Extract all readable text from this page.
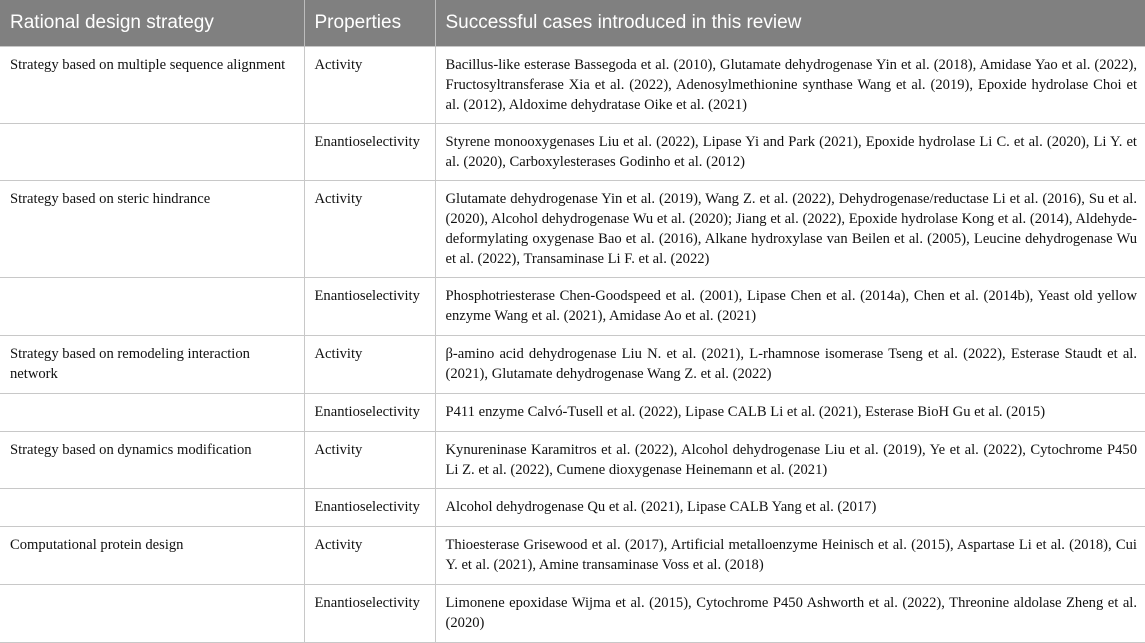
Rational design strategy	Properties	Successful cases introduced in this review
Strategy based on multiple sequence alignment	Activity	Bacillus-like esterase Bassegoda et al. (2010), Glutamate dehydrogenase Yin et al. (2018), Amidase Yao et al. (2022), Fructosyltransferase Xia et al. (2022), Adenosylmethionine synthase Wang et al. (2019), Epoxide hydrolase Choi et al. (2012), Aldoxime dehydratase Oike et al. (2021)
	Enantioselectivity	Styrene monooxygenases Liu et al. (2022), Lipase Yi and Park (2021), Epoxide hydrolase Li C. et al. (2020), Li Y. et al. (2020), Carboxylesterases Godinho et al. (2012)
Strategy based on steric hindrance	Activity	Glutamate dehydrogenase Yin et al. (2019), Wang Z. et al. (2022), Dehydrogenase/reductase Li et al. (2016), Su et al. (2020), Alcohol dehydrogenase Wu et al. (2020); Jiang et al. (2022), Epoxide hydrolase Kong et al. (2014), Aldehyde-deformylating oxygenase Bao et al. (2016), Alkane hydroxylase van Beilen et al. (2005), Leucine dehydrogenase Wu et al. (2022), Transaminase Li F. et al. (2022)
	Enantioselectivity	Phosphotriesterase Chen-Goodspeed et al. (2001), Lipase Chen et al. (2014a), Chen et al. (2014b), Yeast old yellow enzyme Wang et al. (2021), Amidase Ao et al. (2021)
Strategy based on remodeling interaction network	Activity	β-amino acid dehydrogenase Liu N. et al. (2021), L-rhamnose isomerase Tseng et al. (2022), Esterase Staudt et al. (2021), Glutamate dehydrogenase Wang Z. et al. (2022)
	Enantioselectivity	P411 enzyme Calvó-Tusell et al. (2022), Lipase CALB Li et al. (2021), Esterase BioH Gu et al. (2015)
Strategy based on dynamics modification	Activity	Kynureninase Karamitros et al. (2022), Alcohol dehydrogenase Liu et al. (2019), Ye et al. (2022), Cytochrome P450 Li Z. et al. (2022), Cumene dioxygenase Heinemann et al. (2021)
	Enantioselectivity	Alcohol dehydrogenase Qu et al. (2021), Lipase CALB Yang et al. (2017)
Computational protein design	Activity	Thioesterase Grisewood et al. (2017), Artificial metalloenzyme Heinisch et al. (2015), Aspartase Li et al. (2018), Cui Y. et al. (2021), Amine transaminase Voss et al. (2018)
	Enantioselectivity	Limonene epoxidase Wijma et al. (2015), Cytochrome P450 Ashworth et al. (2022), Threonine aldolase Zheng et al. (2020)
